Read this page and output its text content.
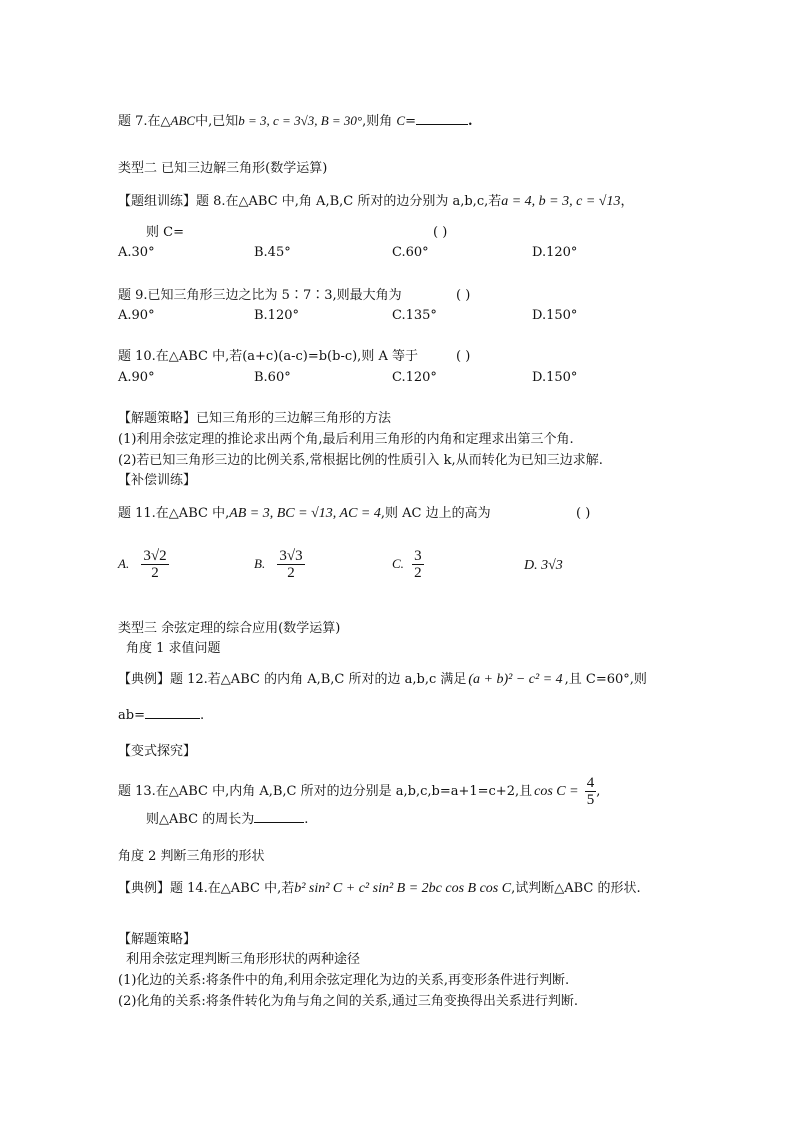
题 7.在△ABC中,已知b = 3, c = 3√3, B = 30°,则角 C=	.
类型二 已知三边解三角形(数学运算)
【题组训练】题 8.在△ABC 中,角 A,B,C 所对的边分别为 a,b,c,若a = 4, b = 3, c = √13，
则 C=	( )
A.30°	B.45°	C.60°	D.120°
题 9.已知三角形三边之比为 5∶7∶3,则最大角为	( )
A.90°	B.120°	C.135°	D.150°
题 10.在△ABC 中,若(a+c)(a-c)=b(b-c),则 A 等于	( )
A.90°	B.60°	C.120°	D.150°
【解题策略】已知三角形的三边解三角形的方法
(1)利用余弦定理的推论求出两个角,最后利用三角形的内角和定理求出第三个角.
(2)若已知三角形三边的比例关系,常根据比例的性质引入 k,从而转化为已知三边求解.
【补偿训练】
题 11.在△ABC 中,AB = 3, BC = √13, AC = 4,则 AC 边上的高为	( )
A. $\frac{3√2}{2}$	B. $\frac{3√3}{2}$	C. $\frac{3}{2}$	D. 3√3
类型三 余弦定理的综合应用(数学运算)
角度 1 求值问题
【典例】题 12.若△ABC 的内角 A,B,C 所对的边 a,b,c 满足 (a + b)² − c² = 4 ,且 C=60°,则
ab=	.
【变式探究】
题 13.在△ABC 中,内角 A,B,C 所对的边分别是 a,b,c,b=a+1=c+2,且 $\cos C = \frac{4}{5}$ ,
则△ABC 的周长为	.
角度 2 判断三角形的形状
【典例】题 14.在△ABC 中,若b² sin² C + c² sin² B = 2bc cos B cos C,试判断△ABC 的形状.
【解题策略】
利用余弦定理判断三角形形状的两种途径
(1)化边的关系:将条件中的角,利用余弦定理化为边的关系,再变形条件进行判断.
(2)化角的关系:将条件转化为角与角之间的关系,通过三角变换得出关系进行判断.
